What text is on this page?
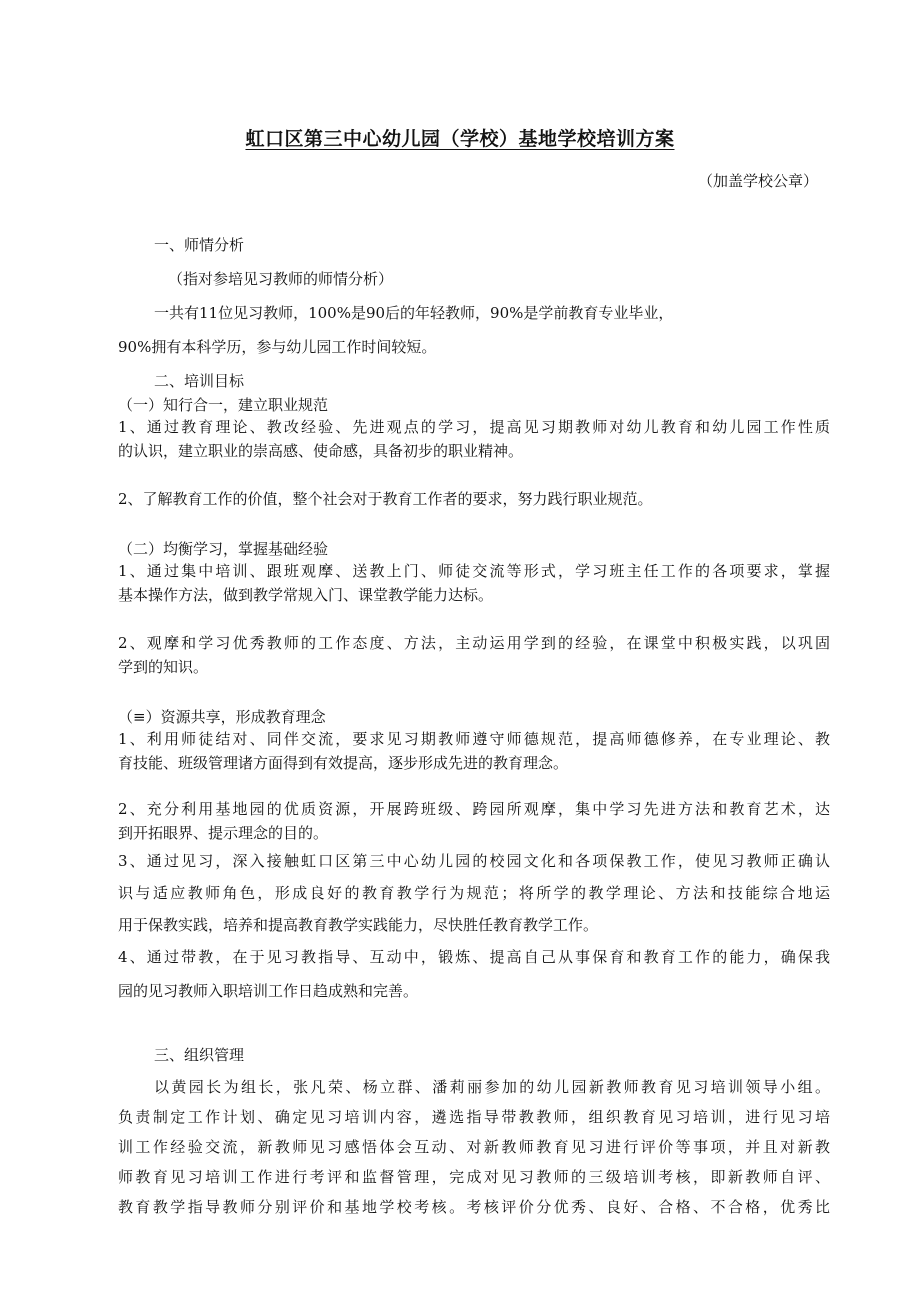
虹口区第三中心幼儿园（学校）基地学校培训方案
（加盖学校公章）
一、师情分析
（指对参培见习教师的师情分析）
一共有11位见习教师，100%是90后的年轻教师，90%是学前教育专业毕业，
90%拥有本科学历，参与幼儿园工作时间较短。
二、培训目标
（一）知行合一，建立职业规范
1、通过教育理论、教改经验、先进观点的学习，提高见习期教师对幼儿教育和幼儿园工作性质
的认识，建立职业的崇高感、使命感，具备初步的职业精神。
2、了解教育工作的价值，整个社会对于教育工作者的要求，努力践行职业规范。
（二）均衡学习，掌握基础经验
1、通过集中培训、跟班观摩、送教上门、师徒交流等形式，学习班主任工作的各项要求，掌握
基本操作方法，做到教学常规入门、课堂教学能力达标。
2、观摩和学习优秀教师的工作态度、方法，主动运用学到的经验，在课堂中积极实践，以巩固
学到的知识。
（≡）资源共享，形成教育理念
1、利用师徒结对、同伴交流，要求见习期教师遵守师德规范，提高师德修养，在专业理论、教
育技能、班级管理诸方面得到有效提高，逐步形成先进的教育理念。
2、充分利用基地园的优质资源，开展跨班级、跨园所观摩，集中学习先进方法和教育艺术，达
到开拓眼界、提示理念的目的。
3、通过见习，深入接触虹口区第三中心幼儿园的校园文化和各项保教工作，使见习教师正确认
识与适应教师角色，形成良好的教育教学行为规范；将所学的教学理论、方法和技能综合地运
用于保教实践，培养和提高教育教学实践能力，尽快胜任教育教学工作。
4、通过带教，在于见习教指导、互动中，锻炼、提高自己从事保育和教育工作的能力，确保我
园的见习教师入职培训工作日趋成熟和完善。
三、组织管理
以黄园长为组长，张凡荣、杨立群、潘莉丽参加的幼儿园新教师教育见习培训领导小组。
负责制定工作计划、确定见习培训内容，遴选指导带教教师，组织教育见习培训，进行见习培
训工作经验交流，新教师见习感悟体会互动、对新教师教育见习进行评价等事项，并且对新教
师教育见习培训工作进行考评和监督管理，完成对见习教师的三级培训考核，即新教师自评、
教育教学指导教师分别评价和基地学校考核。考核评价分优秀、良好、合格、不合格，优秀比
